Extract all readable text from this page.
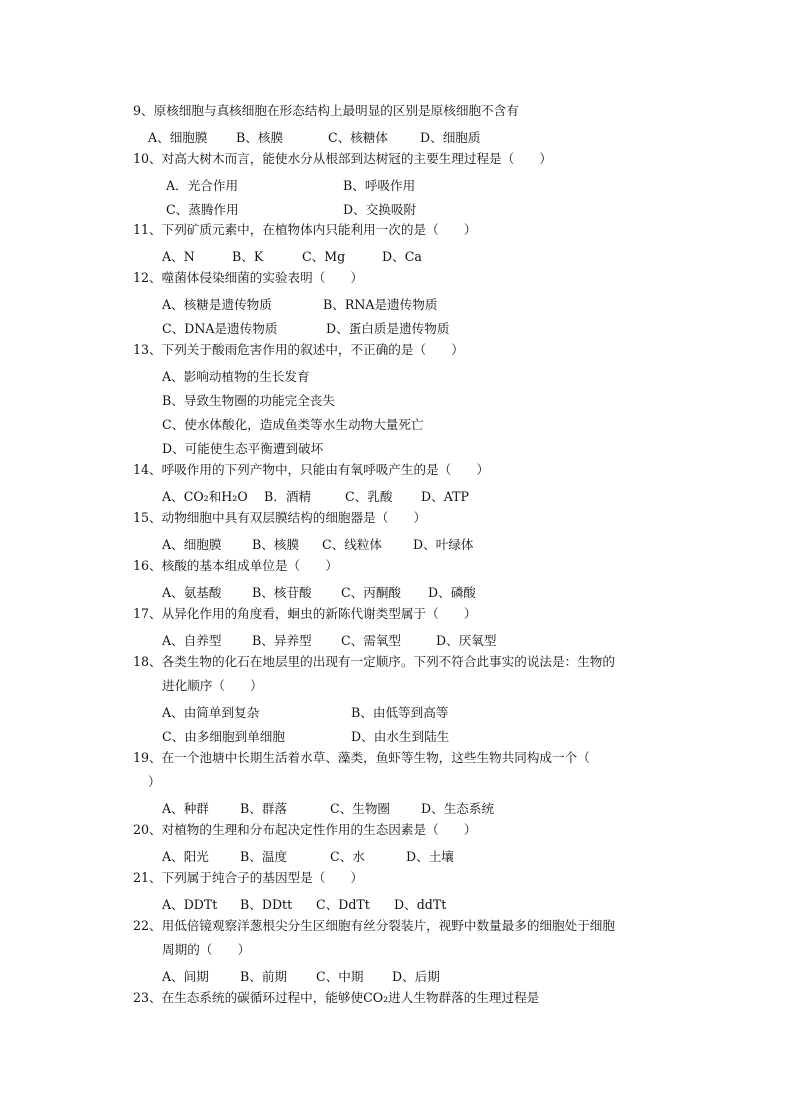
9、原核细胞与真核细胞在形态结构上最明显的区别是原核细胞不含有
A、细胞膜 B、核膜	C、核糖体	D、细胞质
10、对高大树木而言，能使水分从根部到达树冠的主要生理过程是（　　）
A．光合作用	B、呼吸作用
C、蒸腾作用	D、交换吸附
11、下列矿质元素中，在植物体内只能利用一次的是（　　）
A、N	B、K	C、Mg	D、Ca
12、噬菌体侵染细菌的实验表明（　　）
A、核糖是遗传物质	B、RNA是遗传物质
C、DNA是遗传物质	D、蛋白质是遗传物质
13、下列关于酸雨危害作用的叙述中，不正确的是（　　）
A、影响动植物的生长发育
B、导致生物圈的功能完全丧失
C、使水体酸化，造成鱼类等水生动物大量死亡
D、可能使生态平衡遭到破坏
14、呼吸作用的下列产物中，只能由有氧呼吸产生的是（　　）
A、CO₂和H₂O B．酒精	C、乳酸 D、ATP
15、动物细胞中具有双层膜结构的细胞器是（　　）
A、细胞膜 B、核膜 C、线粒体 D、叶绿体
16、核酸的基本组成单位是（　　）
A、氨基酸 B、核苷酸 C、丙酮酸 D、磷酸
17、从异化作用的角度看，蛔虫的新陈代谢类型属于（　　）
A、自养型 B、异养型 C、需氧型	D、厌氧型
18、各类生物的化石在地层里的出现有一定顺序。下列不符合此事实的说法是：生物的
进化顺序（　　）
A、由简单到复杂	B、由低等到高等
C、由多细胞到单细胞	D、由水生到陆生
19、在一个池塘中长期生活着水草、藻类，鱼虾等生物，这些生物共同构成一个（
）
A、种群 B、群落	C、生物圈 D、生态系统
20、对植物的生理和分布起决定性作用的生态因素是（　　）
A、阳光 B、温度	C、水	D、土壤
21、下列属于纯合子的基因型是（　　）
A、DDTt B、DDtt C、DdTt D、ddTt
22、用低倍镜观察洋葱根尖分生区细胞有丝分裂装片，视野中数量最多的细胞处于细胞
周期的（　　）
A、间期 B、前期 C、中期 D、后期
23、在生态系统的碳循环过程中，能够使CO₂进人生物群落的生理过程是
